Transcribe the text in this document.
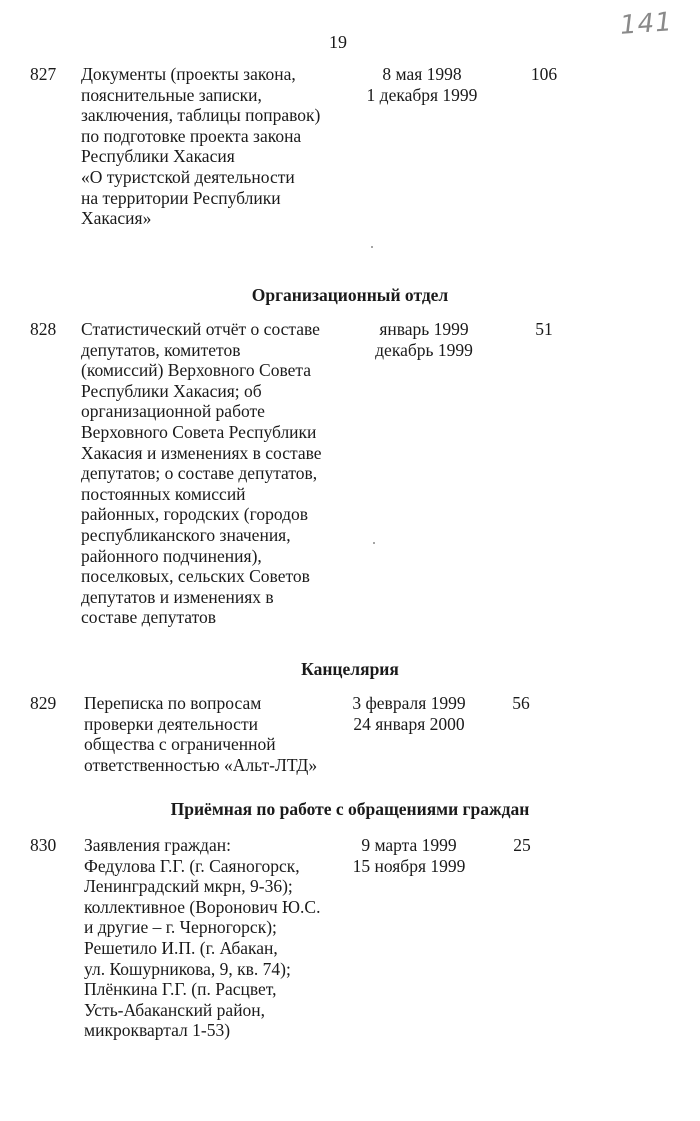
19
141
827 Документы (проекты закона,
пояснительные записки,
заключения, таблицы поправок)
по подготовке проекта закона
Республики Хакасия
«О туристской деятельности
на территории Республики
Хакасия»
8 мая 1998
1 декабря 1999
106
Организационный отдел
828 Статистический отчёт о составе
депутатов, комитетов
(комиссий) Верховного Совета
Республики Хакасия; об
организационной работе
Верховного Совета Республики
Хакасия и изменениях в составе
депутатов; о составе депутатов,
постоянных комиссий
районных, городских (городов
республиканского значения,
районного подчинения),
поселковых, сельских Советов
депутатов и изменениях в
составе депутатов
январь 1999
декабрь 1999
51
Канцелярия
829 Переписка по вопросам
проверки деятельности
общества с ограниченной
ответственностью «Альт-ЛТД»
3 февраля 1999
24 января 2000
56
Приёмная по работе с обращениями граждан
830 Заявления граждан:
Федулова Г.Г. (г. Саяногорск,
Ленинградский мкрн, 9-36);
коллективное (Воронович Ю.С.
и другие – г. Черногорск);
Решетило И.П. (г. Абакан,
ул. Кошурникова, 9, кв. 74);
Плёнкина Г.Г. (п. Расцвет,
Усть-Абаканский район,
микроквартал 1-53)
9 марта 1999
15 ноября 1999
25
